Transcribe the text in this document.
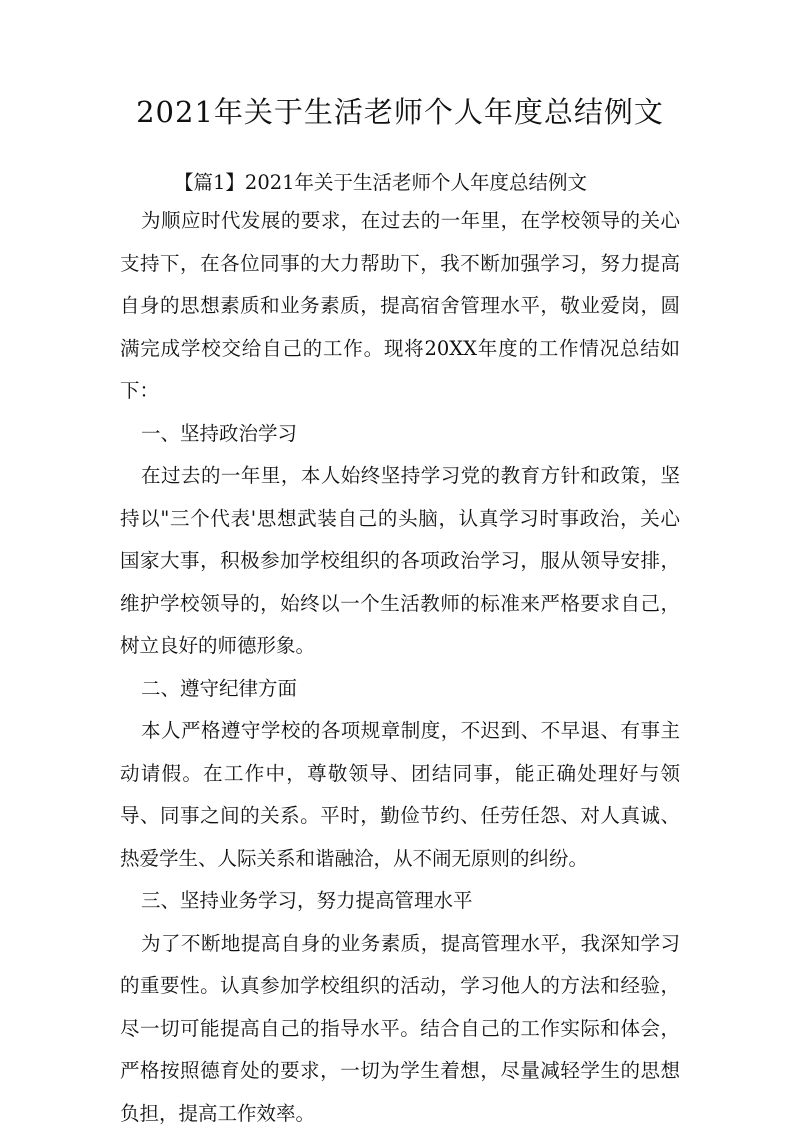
2021年关于生活老师个人年度总结例文
【篇1】2021年关于生活老师个人年度总结例文

为顺应时代发展的要求，在过去的一年里，在学校领导的关心支持下，在各位同事的大力帮助下，我不断加强学习，努力提高自身的思想素质和业务素质，提高宿舍管理水平，敬业爱岗，圆满完成学校交给自己的工作。现将20XX年度的工作情况总结如下：

一、坚持政治学习

在过去的一年里，本人始终坚持学习党的教育方针和政策，坚持以"三个代表'思想武装自己的头脑，认真学习时事政治，关心国家大事，积极参加学校组织的各项政治学习，服从领导安排，维护学校领导的，始终以一个生活教师的标准来严格要求自己，树立良好的师德形象。

二、遵守纪律方面

本人严格遵守学校的各项规章制度，不迟到、不早退、有事主动请假。在工作中，尊敬领导、团结同事，能正确处理好与领导、同事之间的关系。平时，勤俭节约、任劳任怨、对人真诚、热爱学生、人际关系和谐融洽，从不闹无原则的纠纷。

三、坚持业务学习，努力提高管理水平

为了不断地提高自身的业务素质，提高管理水平，我深知学习的重要性。认真参加学校组织的活动，学习他人的方法和经验，尽一切可能提高自己的指导水平。结合自己的工作实际和体会，严格按照德育处的要求，一切为学生着想，尽量减轻学生的思想负担，提高工作效率。
